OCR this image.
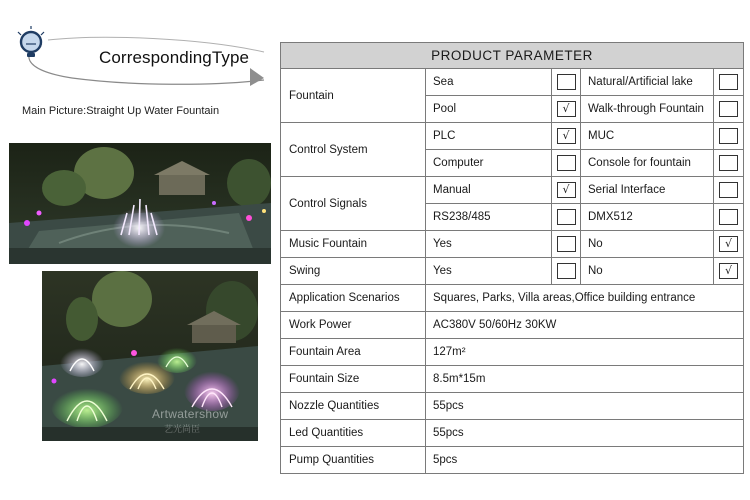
CorrespondingType
Main Picture:Straight Up Water Fountain
Artwatershow
艺光尚臣
PRODUCT PARAMETER				
Fountain	Sea		Natural/Artificial lake	
	Pool	√	Walk-through Fountain	
Control System	PLC	√	MUC	
	Computer		Console for fountain	
Control Signals	Manual	√	Serial Interface	
	RS238/485		DMX512	
Music Fountain	Yes		No	√
Swing	Yes		No	√
Application Scenarios	Squares, Parks, Villa areas,Office building entrance			
Work Power	AC380V 50/60Hz 30KW			
Fountain Area	127m²			
Fountain Size	8.5m*15m			
Nozzle Quantities	55pcs			
Led Quantities	55pcs			
Pump Quantities	5pcs			
